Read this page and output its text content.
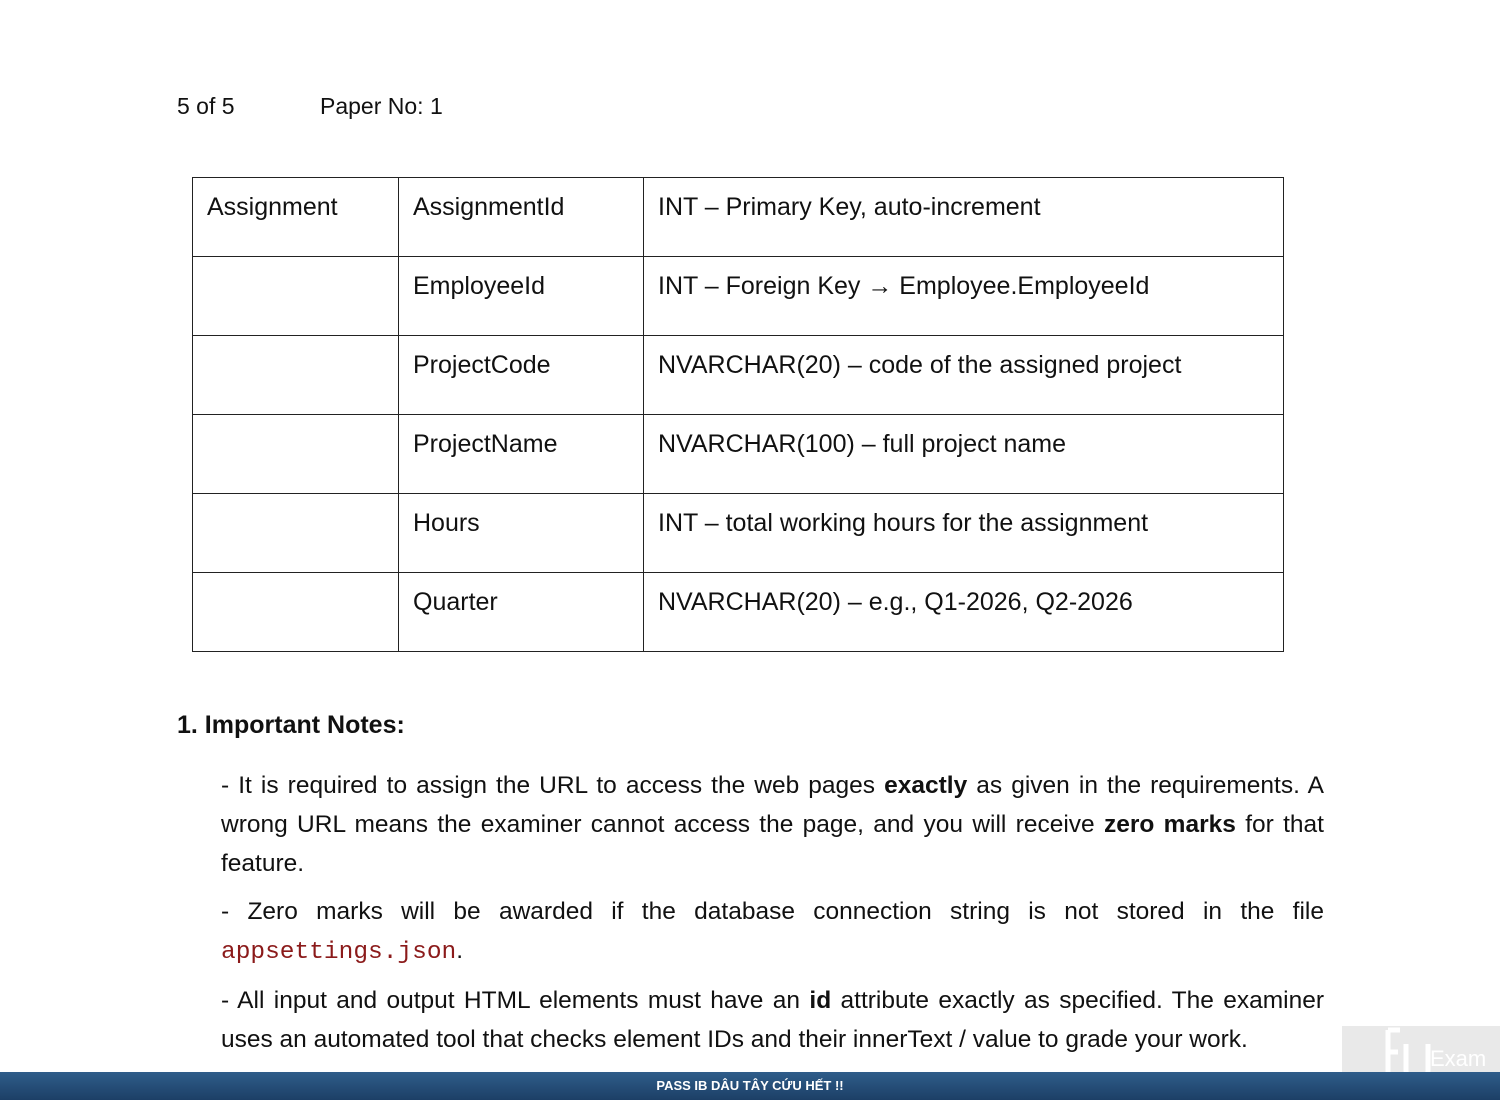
5 of 5	Paper No: 1
Assignment	AssignmentId	INT – Primary Key, auto-increment
	EmployeeId	INT – Foreign Key → Employee.EmployeeId
	ProjectCode	NVARCHAR(20) – code of the assigned project
	ProjectName	NVARCHAR(100) – full project name
	Hours	INT – total working hours for the assignment
	Quarter	NVARCHAR(20) – e.g., Q1-2026, Q2-2026
1. Important Notes:

- It is required to assign the URL to access the web pages exactly as given in the requirements. A wrong URL means the examiner cannot access the page, and you will receive zero marks for that feature.

- Zero marks will be awarded if the database connection string is not stored in the file appsettings.json.

- All input and output HTML elements must have an id attribute exactly as specified. The examiner uses an automated tool that checks element IDs and their innerText / value to grade your work.

Exam
PASS IB DÂU TÂY CỨU HẾT !!
